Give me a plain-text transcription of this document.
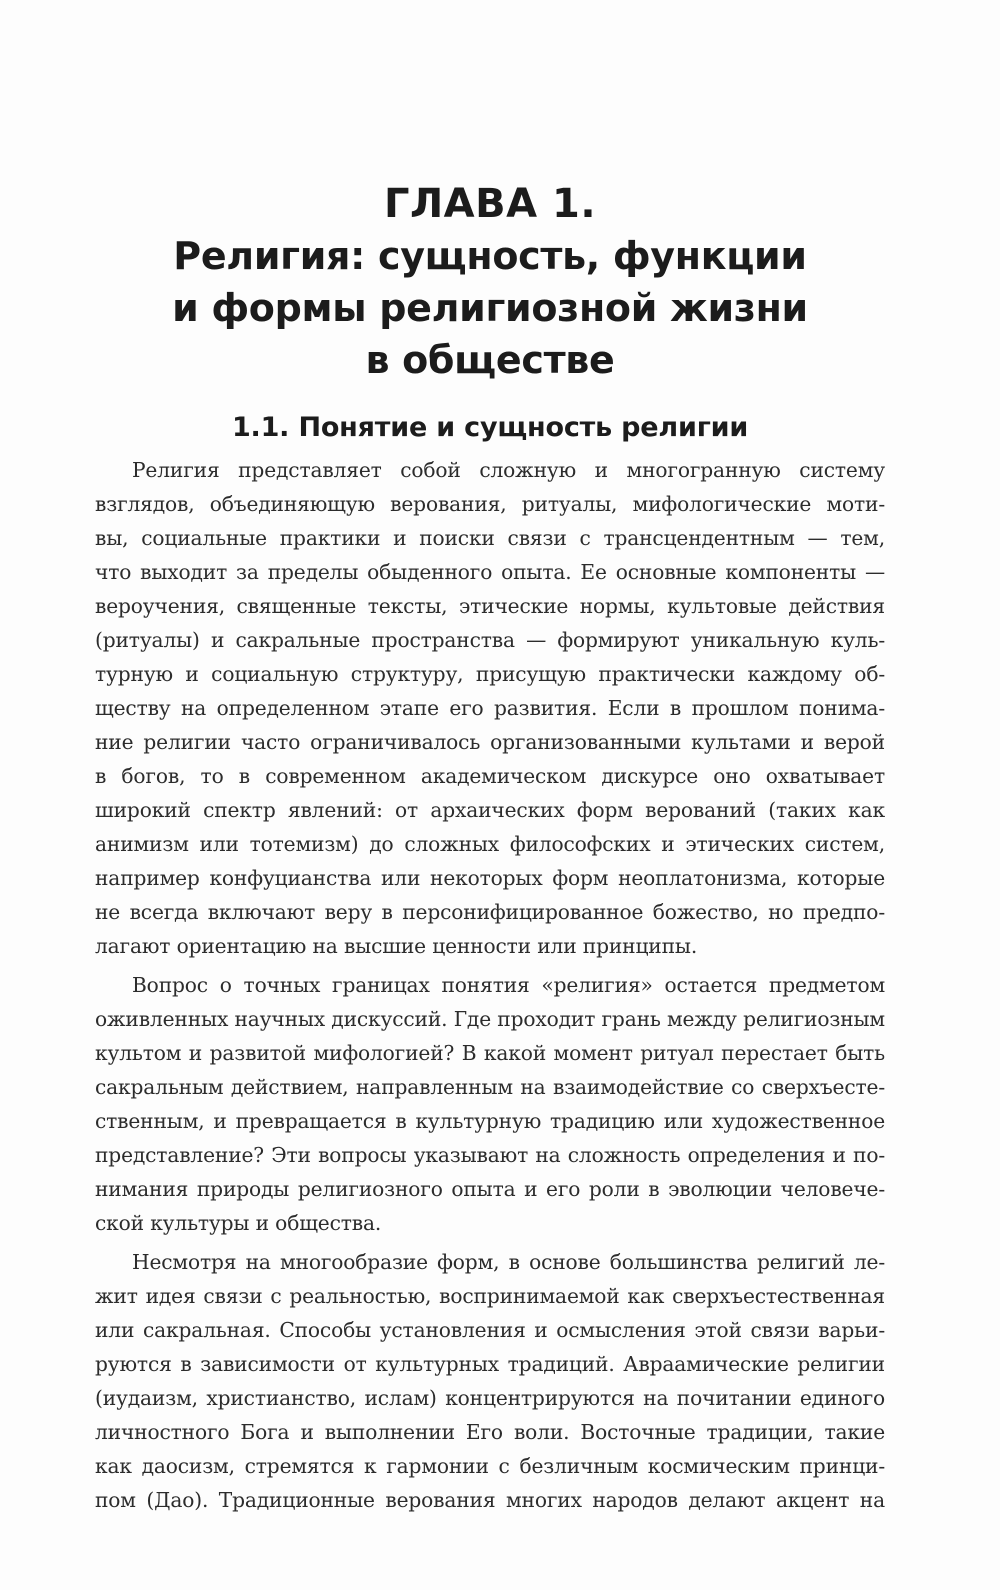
ГЛАВА 1.
Религия: сущность, функции
и формы религиозной жизни
в обществе
1.1. Понятие и сущность религии
Религия представляет собой сложную и многогранную систему
взглядов, объединяющую верования, ритуалы, мифологические моти-
вы, социальные практики и поиски связи с трансцендентным — тем,
что выходит за пределы обыденного опыта. Ее основные компоненты —
вероучения, священные тексты, этические нормы, культовые действия
(ритуалы) и сакральные пространства — формируют уникальную куль-
турную и социальную структуру, присущую практически каждому об-
ществу на определенном этапе его развития. Если в прошлом понима-
ние религии часто ограничивалось организованными культами и верой
в богов, то в современном академическом дискурсе оно охватывает
широкий спектр явлений: от архаических форм верований (таких как
анимизм или тотемизм) до сложных философских и этических систем,
например конфуцианства или некоторых форм неоплатонизма, которые
не всегда включают веру в персонифицированное божество, но предпо-
лагают ориентацию на высшие ценности или принципы.
Вопрос о точных границах понятия «религия» остается предметом
оживленных научных дискуссий. Где проходит грань между религиозным
культом и развитой мифологией? В какой момент ритуал перестает быть
сакральным действием, направленным на взаимодействие со сверхъесте-
ственным, и превращается в культурную традицию или художественное
представление? Эти вопросы указывают на сложность определения и по-
нимания природы религиозного опыта и его роли в эволюции человече-
ской культуры и общества.
Несмотря на многообразие форм, в основе большинства религий ле-
жит идея связи с реальностью, воспринимаемой как сверхъестественная
или сакральная. Способы установления и осмысления этой связи варьи-
руются в зависимости от культурных традиций. Авраамические религии
(иудаизм, христианство, ислам) концентрируются на почитании единого
личностного Бога и выполнении Его воли. Восточные традиции, такие
как даосизм, стремятся к гармонии с безличным космическим принци-
пом (Дао). Традиционные верования многих народов делают акцент на
